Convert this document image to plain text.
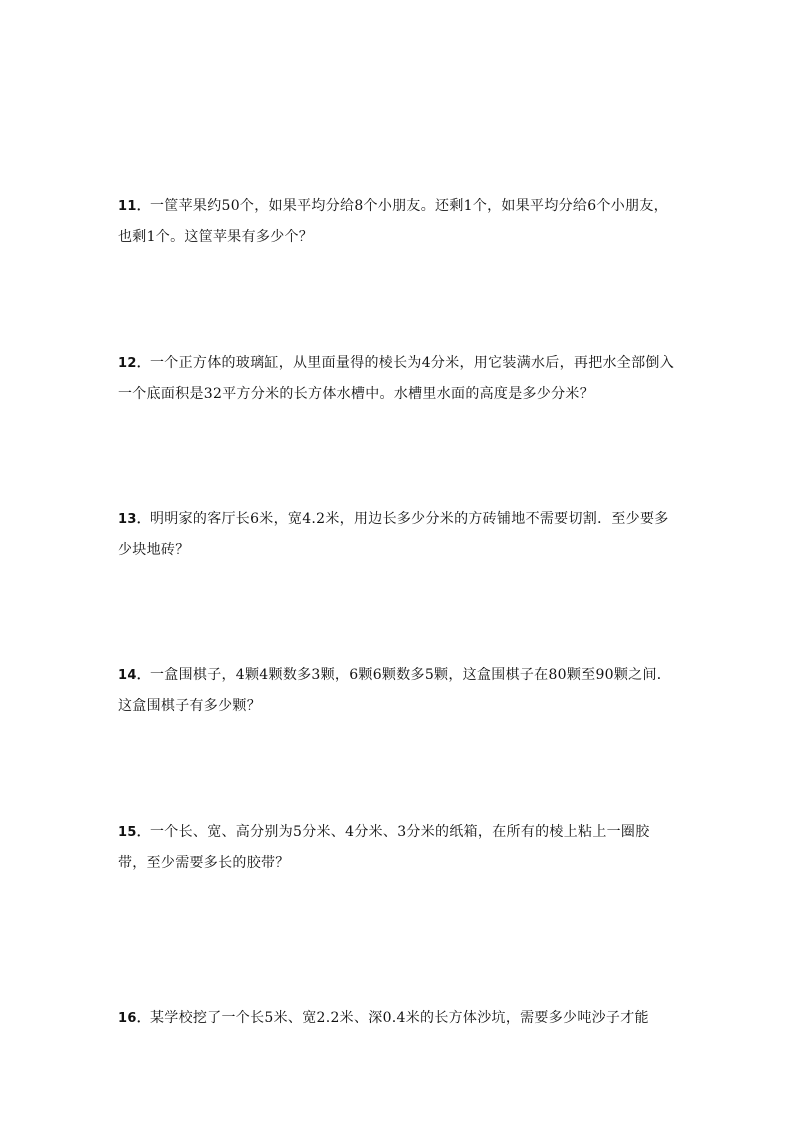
11．一筐苹果约50个，如果平均分给8个小朋友。还剩1个，如果平均分给6个小朋友，也剩1个。这筐苹果有多少个？
12．一个正方体的玻璃缸，从里面量得的棱长为4分米，用它装满水后，再把水全部倒入一个底面积是32平方分米的长方体水槽中。水槽里水面的高度是多少分米？
13．明明家的客厅长6米，宽4.2米，用边长多少分米的方砖铺地不需要切割．至少要多少块地砖？
14．一盒围棋子，4颗4颗数多3颗，6颗6颗数多5颗，这盒围棋子在80颗至90颗之间．这盒围棋子有多少颗？
15．一个长、宽、高分别为5分米、4分米、3分米的纸箱，在所有的棱上粘上一圈胶带，至少需要多长的胶带？
16．某学校挖了一个长5米、宽2.2米、深0.4米的长方体沙坑，需要多少吨沙子才能
